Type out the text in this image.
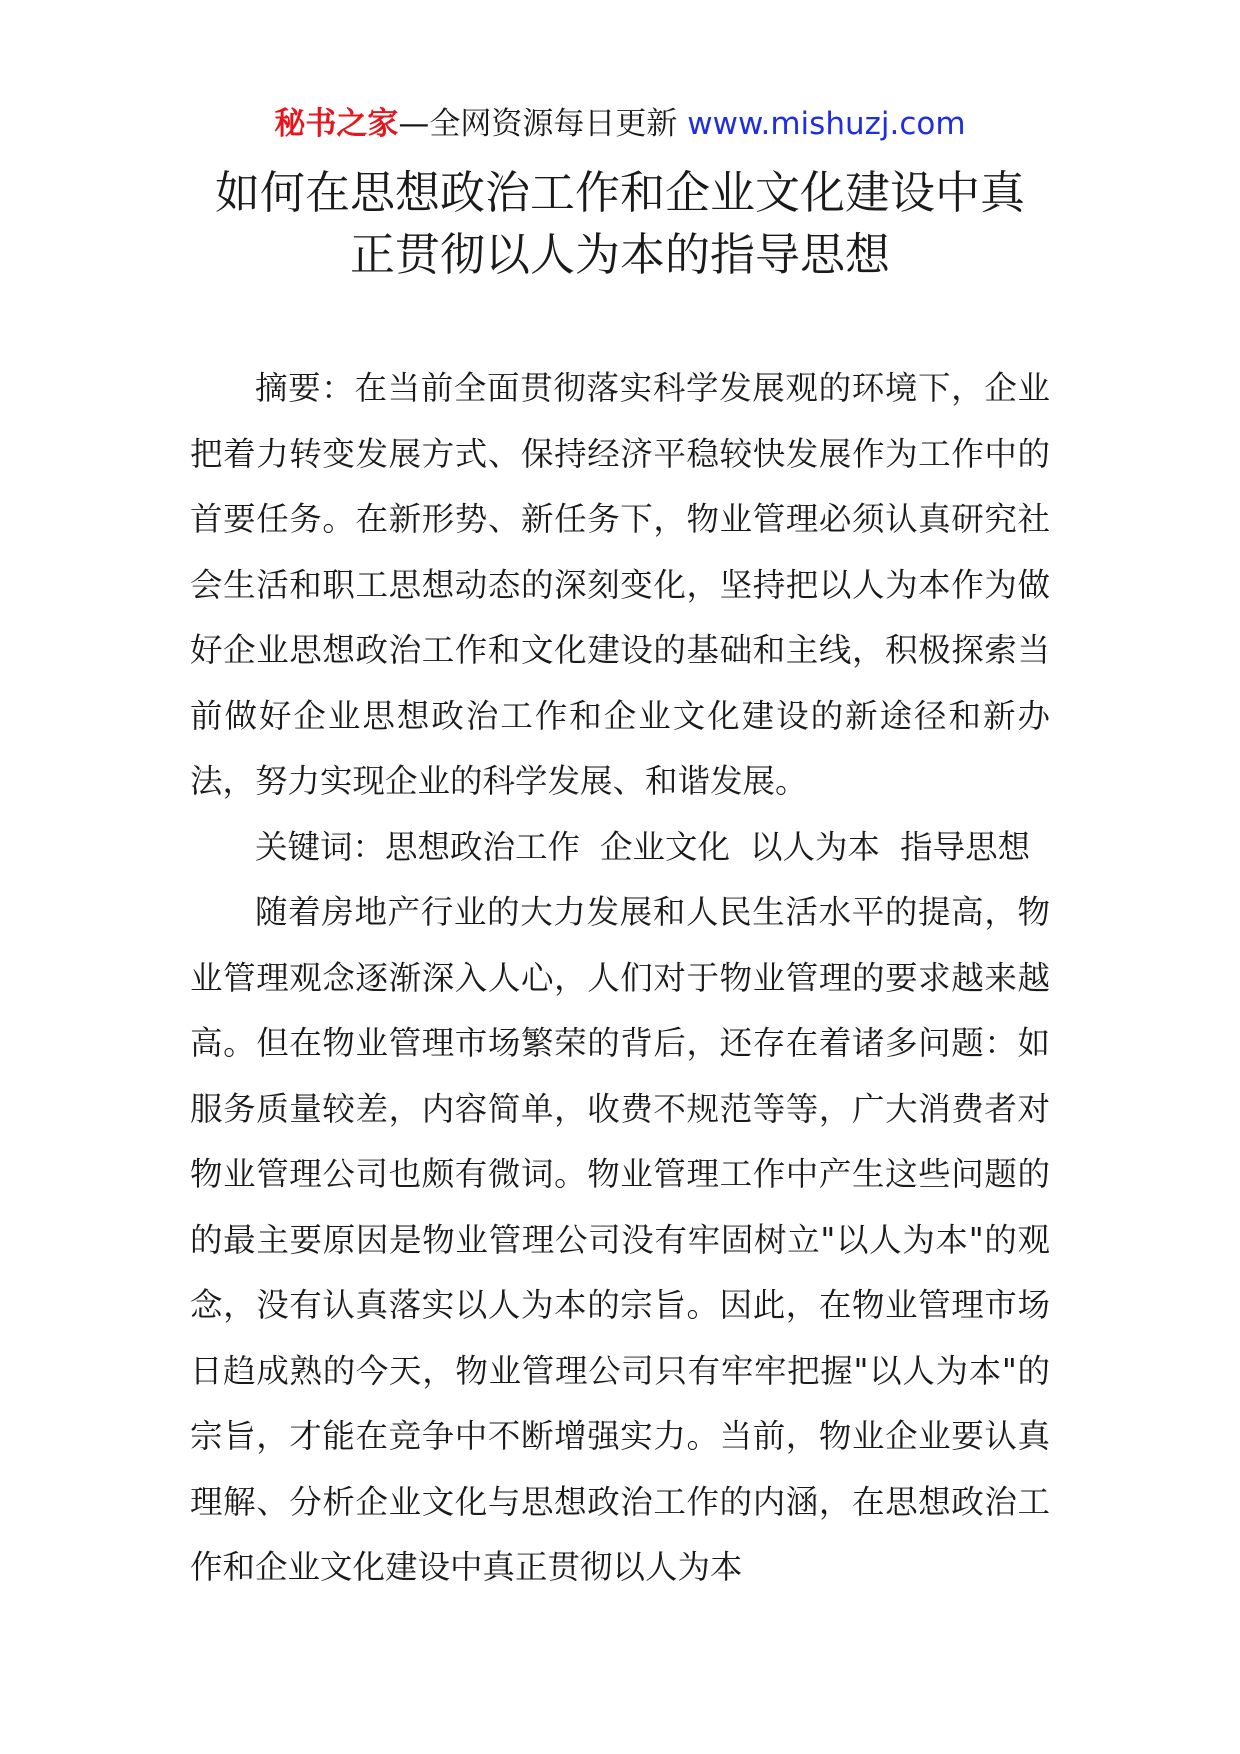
秘书之家—全网资源每日更新 www.mishuzj.com
如何在思想政治工作和企业文化建设中真
正贯彻以人为本的指导思想

摘要：在当前全面贯彻落实科学发展观的环境下，企业把着力转变发展方式、保持经济平稳较快发展作为工作中的首要任务。在新形势、新任务下，物业管理必须认真研究社会生活和职工思想动态的深刻变化，坚持把以人为本作为做好企业思想政治工作和文化建设的基础和主线，积极探索当前做好企业思想政治工作和企业文化建设的新途径和新办法，努力实现企业的科学发展、和谐发展。

关键词：思想政治工作 企业文化 以人为本 指导思想

随着房地产行业的大力发展和人民生活水平的提高，物业管理观念逐渐深入人心，人们对于物业管理的要求越来越高。但在物业管理市场繁荣的背后，还存在着诸多问题：如服务质量较差，内容简单，收费不规范等等，广大消费者对物业管理公司也颇有微词。物业管理工作中产生这些问题的的最主要原因是物业管理公司没有牢固树立"以人为本"的观念，没有认真落实以人为本的宗旨。因此，在物业管理市场日趋成熟的今天，物业管理公司只有牢牢把握"以人为本"的宗旨，才能在竞争中不断增强实力。当前，物业企业要认真理解、分析企业文化与思想政治工作的内涵，在思想政治工作和企业文化建设中真正贯彻以人为本
